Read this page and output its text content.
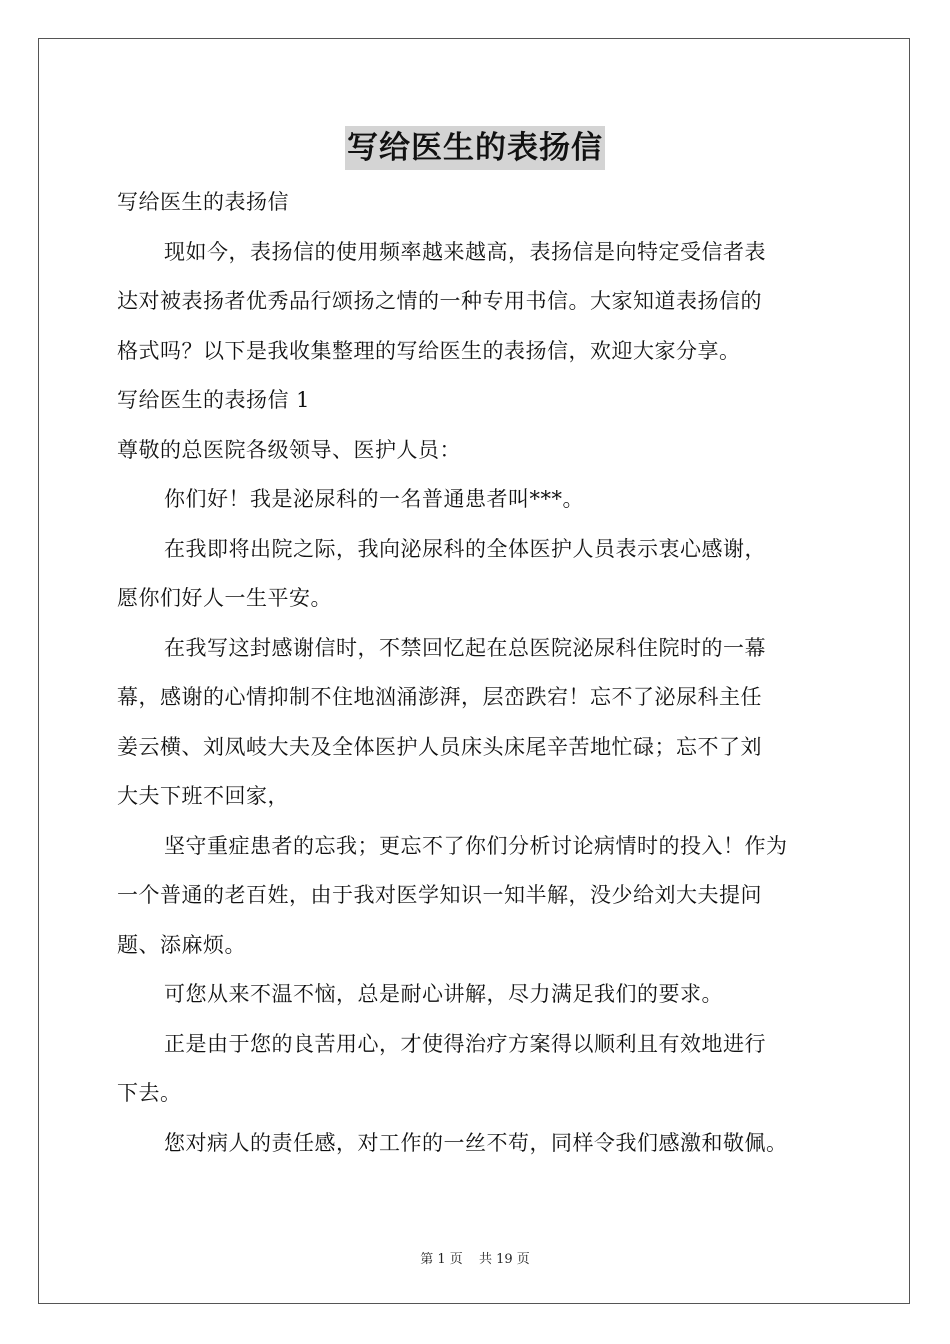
写给医生的表扬信
写给医生的表扬信
现如今，表扬信的使用频率越来越高，表扬信是向特定受信者表
达对被表扬者优秀品行颂扬之情的一种专用书信。大家知道表扬信的
格式吗？以下是我收集整理的写给医生的表扬信，欢迎大家分享。
写给医生的表扬信 1
尊敬的总医院各级领导、医护人员：
你们好！我是泌尿科的一名普通患者叫***。
在我即将出院之际，我向泌尿科的全体医护人员表示衷心感谢，
愿你们好人一生平安。
在我写这封感谢信时，不禁回忆起在总医院泌尿科住院时的一幕
幕，感谢的心情抑制不住地汹涌澎湃，层峦跌宕！忘不了泌尿科主任
姜云横、刘凤岐大夫及全体医护人员床头床尾辛苦地忙碌；忘不了刘
大夫下班不回家，
坚守重症患者的忘我；更忘不了你们分析讨论病情时的投入！作为
一个普通的老百姓，由于我对医学知识一知半解，没少给刘大夫提问
题、添麻烦。
可您从来不温不恼，总是耐心讲解，尽力满足我们的要求。
正是由于您的良苦用心，才使得治疗方案得以顺利且有效地进行
下去。
您对病人的责任感，对工作的一丝不苟，同样令我们感激和敬佩。
第 1 页 共 19 页
